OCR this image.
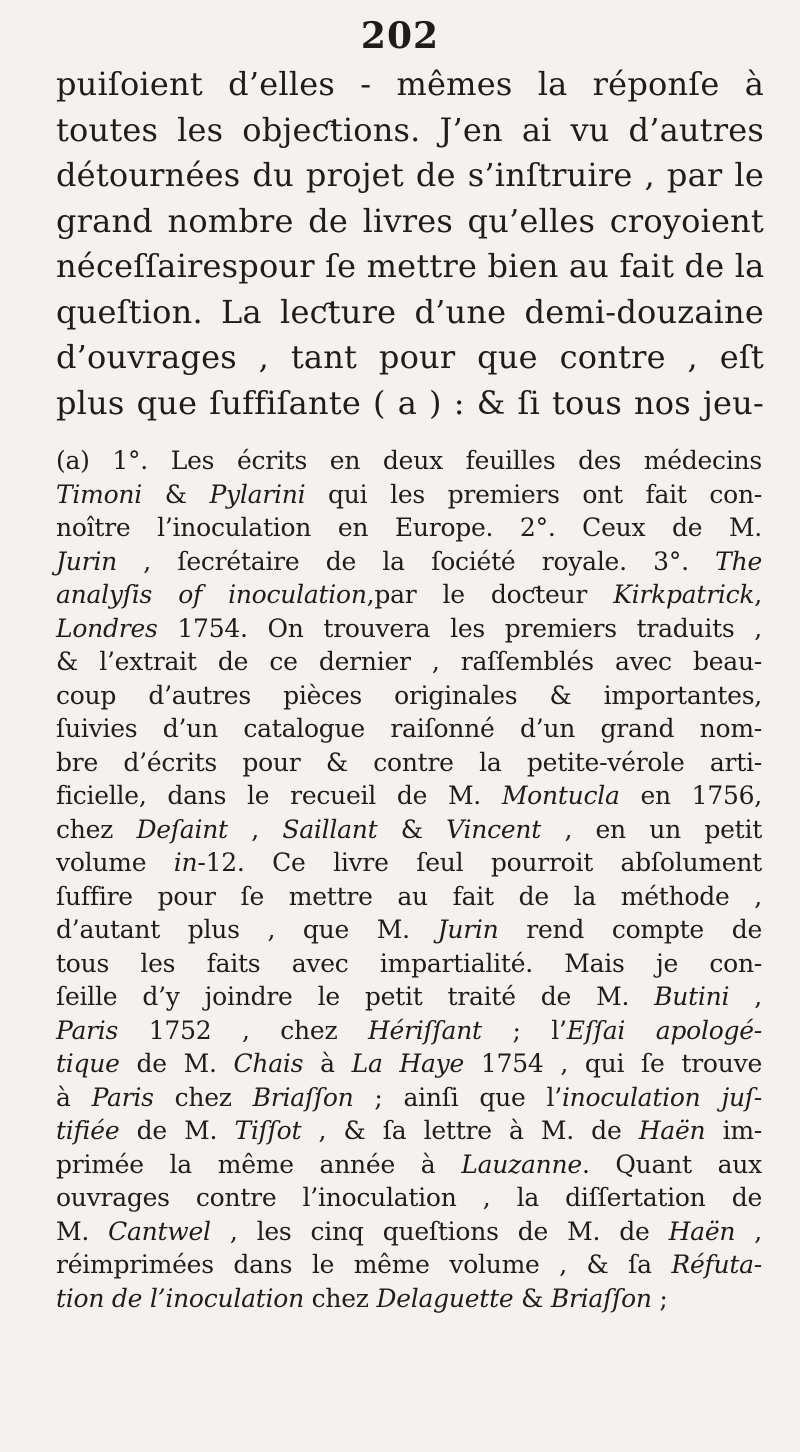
202
puiſoient d’elles - mêmes la réponſe à
toutes les objeƈtions. J’en ai vu d’autres
détournées du projet de s’inſtruire , par le
grand nombre de livres qu’elles croyoient
néceſſairespour ſe mettre bien au fait de la
queſtion. La leƈture d’une demi-douzaine
d’ouvrages , tant pour que contre , eſt
plus que ſuffiſante ( a ) : & ſi tous nos jeu-
(a) 1°. Les écrits en deux feuilles des médecins
Timoni & Pylarini qui les premiers ont fait con-
noître l’inoculation en Europe. 2°. Ceux de M.
Jurin , ſecrétaire de la ſociété royale. 3°. The
analyſis of inoculation,par le doƈteur Kirkpatrick,
Londres 1754. On trouvera les premiers traduits ,
& l’extrait de ce dernier , raſſemblés avec beau-
coup d’autres pièces originales & importantes,
ſuivies d’un catalogue raiſonné d’un grand nom-
bre d’écrits pour & contre la petite-vérole arti-
ficielle, dans le recueil de M. Montucla en 1756,
chez Deſaint , Saillant & Vincent , en un petit
volume in-12. Ce livre ſeul pourroit abſolument
ſuffire pour ſe mettre au fait de la méthode ,
d’autant plus , que M. Jurin rend compte de
tous les faits avec impartialité. Mais je con-
ſeille d’y joindre le petit traité de M. Butini ,
Paris 1752 , chez Hériſſant ; l’Eſſai apologé-
tique de M. Chais à La Haye 1754 , qui ſe trouve
à Paris chez Briaſſon ; ainſi que l’inoculation juſ-
tifiée de M. Tiſſot , & ſa lettre à M. de Haën im-
primée la même année à Lauzanne. Quant aux
ouvrages contre l’inoculation , la diſſertation de
M. Cantwel , les cinq queſtions de M. de Haën ,
réimprimées dans le même volume , & ſa Réfuta-
tion de l’inoculation chez Delaguette & Briaſſon ;
